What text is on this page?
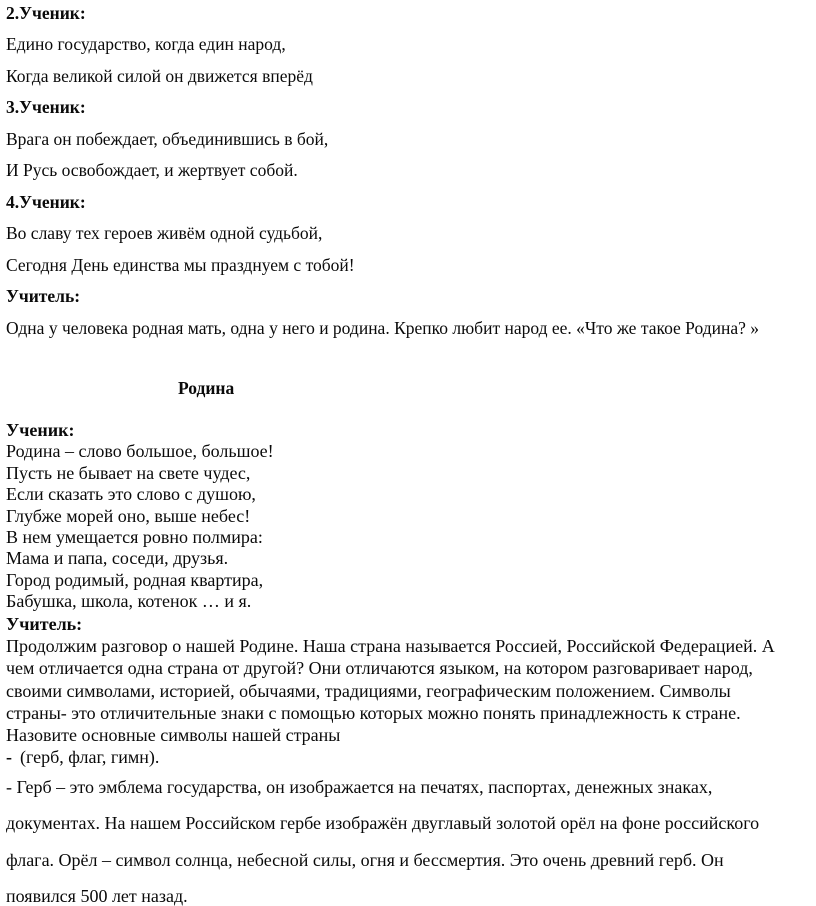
2.Ученик:
Едино государство, когда един народ,
Когда великой силой он движется вперёд
3.Ученик:
Врага он побеждает, объединившись в бой,
И Русь освобождает, и жертвует собой.
4.Ученик:
Во славу тех героев живём одной судьбой,
Сегодня День единства мы празднуем с тобой!
Учитель:
Одна у человека родная мать, одна у него и родина. Крепко любит народ ее. «Что же такое Родина? »
Родина
Ученик:
Родина – слово большое, большое!
Пусть не бывает на свете чудес,
Если сказать это слово с душою,
Глубже морей оно, выше небес!
В нем умещается ровно полмира:
Мама и папа, соседи, друзья.
Город родимый, родная квартира,
Бабушка, школа, котенок … и я.
Учитель:
Продолжим разговор о нашей Родине. Наша страна называется Россией, Российской Федерацией. А
чем отличается одна страна от другой? Они отличаются языком, на котором разговаривает народ,
своими символами, историей, обычаями, традициями, географическим положением. Символы
страны- это отличительные знаки с помощью которых можно понять принадлежность к стране.
Назовите основные символы нашей страны
- (герб, флаг, гимн).
- Герб – это эмблема государства, он изображается на печатях, паспортах, денежных знаках,
документах. На нашем Российском гербе изображён двуглавый золотой орёл на фоне российского
флага. Орёл – символ солнца, небесной силы, огня и бессмертия. Это очень древний герб. Он
появился 500 лет назад.
